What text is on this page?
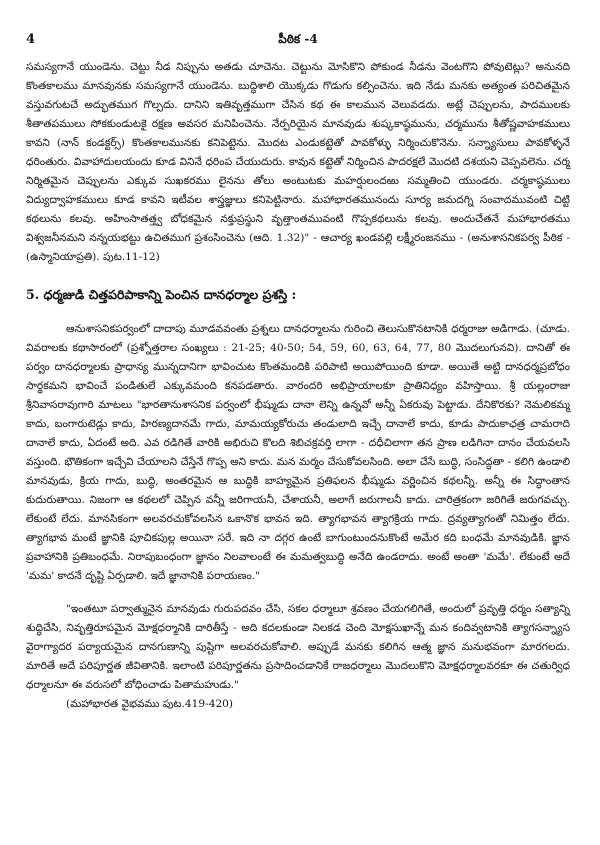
4	పీఠిక -4

సమస్యగానే యుండెను. చెట్టు నీడ నిప్పును అతడు చూచెను. చెట్టును మోసికొని పోకుండ నీడను వెంటగొని పోవుటెట్లు? అనునది కొంతకాలము మానవునకు సమస్యగానే యుండెను. బుద్ధిశాలి యొక్కడు గొడుగు కల్పించెను. ఇది నేడు మనకు అత్యంత పరిచితమైన వస్తువగుటచే అద్భుతముగ గొల్పదు. దానిని ఇతివృత్తముగా చేసిన కథ ఈ కాలమున వెలువడదు. అట్లే చెప్పులను, పాదములకు శీతాతపములు సోకకుండుటకై రక్షణ అవసర మనిపించెను. నేర్పరియైన మానవుడు శుష్కకాష్ఠమును, చర్మమును శీతోష్ణవాహకములు కావని (నాన్ కండక్టర్స్) కొంతకాలమునకు కనిపెట్టెను. మొదట ఎండుకట్టెతో పావకోళ్ళు నిర్మించుకొనెను. సన్న్యాసులు పావకోళ్ళనే ధరింతురు. వివాహాదులయందు కూడ వినినే ధరింప చేయుదురు. కావున కట్టెతో నిర్మించిన పాదరక్షలే మొదటి దశయని చెప్పవలెను. చర్మ నిర్మితమైన చెప్పులను ఎక్కువ సుఖకరము లైనను తోలు అంటుటకు మహర్షులందఱు సమ్మతించి యుండరు. చర్మకాష్ఠములు విద్యుద్వాహకములు కూడ కావని ఇటీవల శాస్త్రజ్ఞులు కనిపెట్టినారు. మహాభారతమునందు సూర్య జమదగ్ని సంవాదమువంటి చిట్టి కథలును కలవు. అహింసాతత్త్వ బోధకమైన నక్తుప్రస్థుని వృత్తాంతమువంటి గొప్పకథలును కలవు. అందుచేతనే మహాభారతము విశ్వజనీనమని నన్నయభట్టు ఉచితముగ ప్రశంసించెను (ఆది. 1.32)" - ఆచార్య ఖండవల్లి లక్ష్మీరంజనము - (అనుశాసనికపర్వ పీఠిక -(ఉస్మానియాప్రతి). పుట.11-12)

5. ధర్మజుడి చిత్తపరిపాకాన్ని పెంచిన దానధర్మాల ప్రశస్తి :

ఆనుశాసనికపర్వంలో దాదాపు మూడవవంతు ప్రశ్నలు దానధర్మాలను గురించి తెలుసుకొనటానికి ధర్మరాజు అడిగాడు. (చూడు. వివరాలకు కథాసారంలో (ప్రశ్నోత్తరాల సంఖ్యలు : 21-25; 40-50; 54, 59, 60, 63, 64, 77, 80 మొదలుగునవి). దానితో ఈ పర్వం దానధర్మాలకు ప్రాధాన్య మున్నదానిగా భావించుట కొంతమందికి పరిపాటి అయిపోయింది కూడా. అయితే అట్టి దానధర్మప్రబోధం సార్థకమని భావించే పండితులే ఎక్కువమంది కనపడతారు. వారందరి అభిప్రాయాలకూ ప్రాతినిధ్యం వహిస్తాయి. శ్రీ యల్లంరాజు శ్రీనివాసరావుగారి మాటలు "భారతానుశాసనిక పర్వంలో భీష్ముడు దానా లెన్ని ఉన్నవో అన్నీ ఏకరువు పెట్టాడు. దేనికొరకు? నెమలికమ్మ కాదు, బంగారుటెడ్లు కాదు, హిరణ్యదానమే గాదు, మామయ్యకోరుచు తండులాది ఇచ్చే దానాలే కాదు, కూడు పాదుకాఛత్ర చామరాది దానాలే కాదు, ఏదంటే అది. ఎవ రడిగితే వారికి అభిరుచి కొలది శిబిచక్రవర్తి లాగా - దధీచిలాగా తన ప్రాణ లడిగినా దానం చేయవలసి వస్తుంది. భౌతికంగా ఇచ్చేవి చేయాలని చేస్తేనే గొప్ప అని కాదు. మన మర్మం చేసుకోవలసింది. అలా చేసే బుద్ధి, సంసిద్ధతా - కలిగి ఉండాలి మానవుడు, క్రియ గాదు, బుద్ధి, అంతరమైన ఆ బుద్ధికి బాహ్యమైన ప్రతిఫలన భీష్ముడు వర్ణించిన కథలన్నీ. అన్నీ ఈ సిద్ధాంతాన కుదురుతాయి. నిజంగా ఆ కథలలో చెప్పిన వన్నీ జరిగాయనీ, చేశాయనీ, అలాగే జరుగాలనీ కాదు. చారిత్రకంగా జరిగితే జరుగవచ్చు. లేకుంటే లేదు. మానసికంగా అలవరచుకోవలసిన ఒకానొక భావన ఇది. త్యాగభావన త్యాగక్రియ గాదు. ద్రవ్యత్యాగంతో నిమిత్తం లేదు. త్యాగభావ మంటే జ్ఞానికి పూచికపుల్ల అయినా సరే. ఇది నా దగ్గర ఉంటే బాగుంటుందనుకొంటే అమేర కది బంధమే మానవుడికి. జ్ఞాన ప్రవాహానికి ప్రతిబంధమే. నిరాపుబంధంగా జ్ఞానం నిలవాలంటే ఈ మమత్వబుద్ధి అనేది ఉండరాదు. అంటే అంతా 'మమే'. లేకుంటే అదే 'మమ' కాదనే దృష్టి ఏర్పడాలి. ఇదే జ్ఞానానికి పరాయణం."

"ఇంతటూ పర్వాత్మునైన మానవుడు గురుపదవం చేసి, సకల ధర్మాలూ శ్రవణం చేయగలిగితే, అందులో ప్రవృత్తి ధర్మం సత్యాన్ని శుద్ధిచేసి, నివృత్తిరూపమైన మోక్షధర్మానికి దారితీస్తే - అది కదలకుండా నిలకడ చెంది మోక్షసుఖాన్నే మన కందివ్వటానికి త్యాగసన్న్యాస వైరాగ్యాదర పర్యాయమైన దానగుణాన్ని పుష్టిగా అలవరచుకోవాలి. అప్పుడే మనకు కలిగిన ఆత్మ జ్ఞాన మనుభవంగా మారగలదు. మారితే అదే పరిపూర్ణత జీవితానికి. ఇలాంటి పరిపూర్ణతను ప్రసాదించడానికే రాజధర్మాలు మొదలుకొని మోక్షధర్మాలవరకూ ఈ చతుర్విధ ధర్మాలనూ ఈ వరుసలో బోధించాడు పితామహుడు."
(మహాభారత వైభవము పుట.419-420)
